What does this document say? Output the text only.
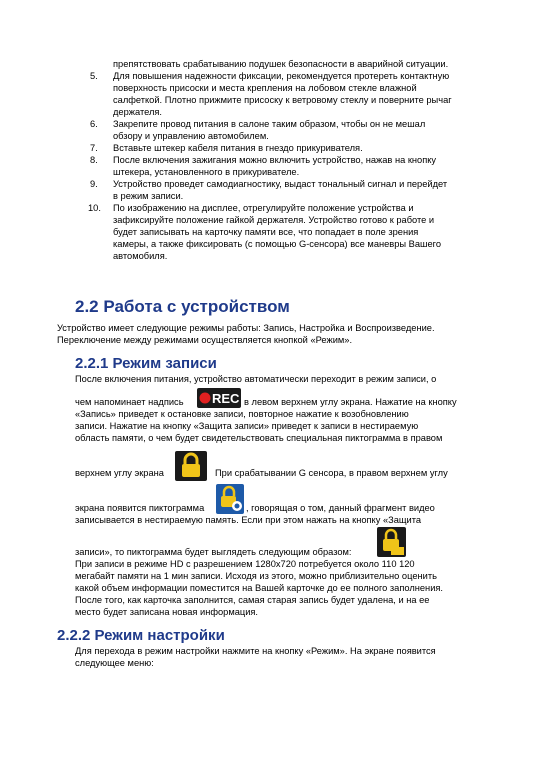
препятствовать срабатыванию подушек безопасности в аварийной ситуации.
5. Для повышения надежности фиксации, рекомендуется протереть контактную
поверхность присоски и места крепления на лобовом стекле влажной
салфеткой. Плотно прижмите присоску к ветровому стеклу и поверните рычаг
держателя.
6. Закрепите провод питания в салоне таким образом, чтобы он не мешал
обзору и управлению автомобилем.
7. Вставьте штекер кабеля питания в гнездо прикуривателя.
8. После включения зажигания можно включить устройство, нажав на кнопку
штекера, установленного в прикуривателе.
9. Устройство проведет самодиагностику, выдаст тональный сигнал и перейдет
в режим записи.
10. По изображению на дисплее, отрегулируйте положение устройства и
зафиксируйте положение гайкой держателя. Устройство готово к работе и
будет записывать на карточку памяти все, что попадает в поле зрения
камеры, а также фиксировать (с помощью G-сенсора) все маневры Вашего
автомобиля.
2.2 Работа с устройством
Устройство имеет следующие режимы работы: Запись, Настройка и Воспроизведение.
Переключение между режимами осуществляется кнопкой «Режим».
2.2.1 Режим записи
После включения питания, устройство автоматически переходит в режим записи, о
чем напоминает надпись REC в левом верхнем углу экрана. Нажатие на кнопку
«Запись» приведет к остановке записи, повторное нажатие к возобновлению
записи. Нажатие на кнопку «Защита записи» приведет к записи в нестираемую
область памяти, о чем будет свидетельствовать специальная пиктограмма в правом
верхнем углу экрана	При срабатывании G сенсора, в правом верхнем углу
экрана появится пиктограмма	, говорящая о том, данный фрагмент видео
записывается в нестираемую память. Если при этом нажать на кнопку «Защита
записи», то пиктограмма будет выглядеть следующим образом:
При записи в режиме HD с разрешением 1280x720 потребуется около 110 120
мегабайт памяти на 1 мин записи. Исходя из этого, можно приблизительно оценить
какой объем информации поместится на Вашей карточке до ее полного заполнения.
После того, как карточка заполнится, самая старая запись будет удалена, и на ее
место будет записана новая информация.
2.2.2 Режим настройки
Для перехода в режим настройки нажмите на кнопку «Режим». На экране появится
следующее меню:
